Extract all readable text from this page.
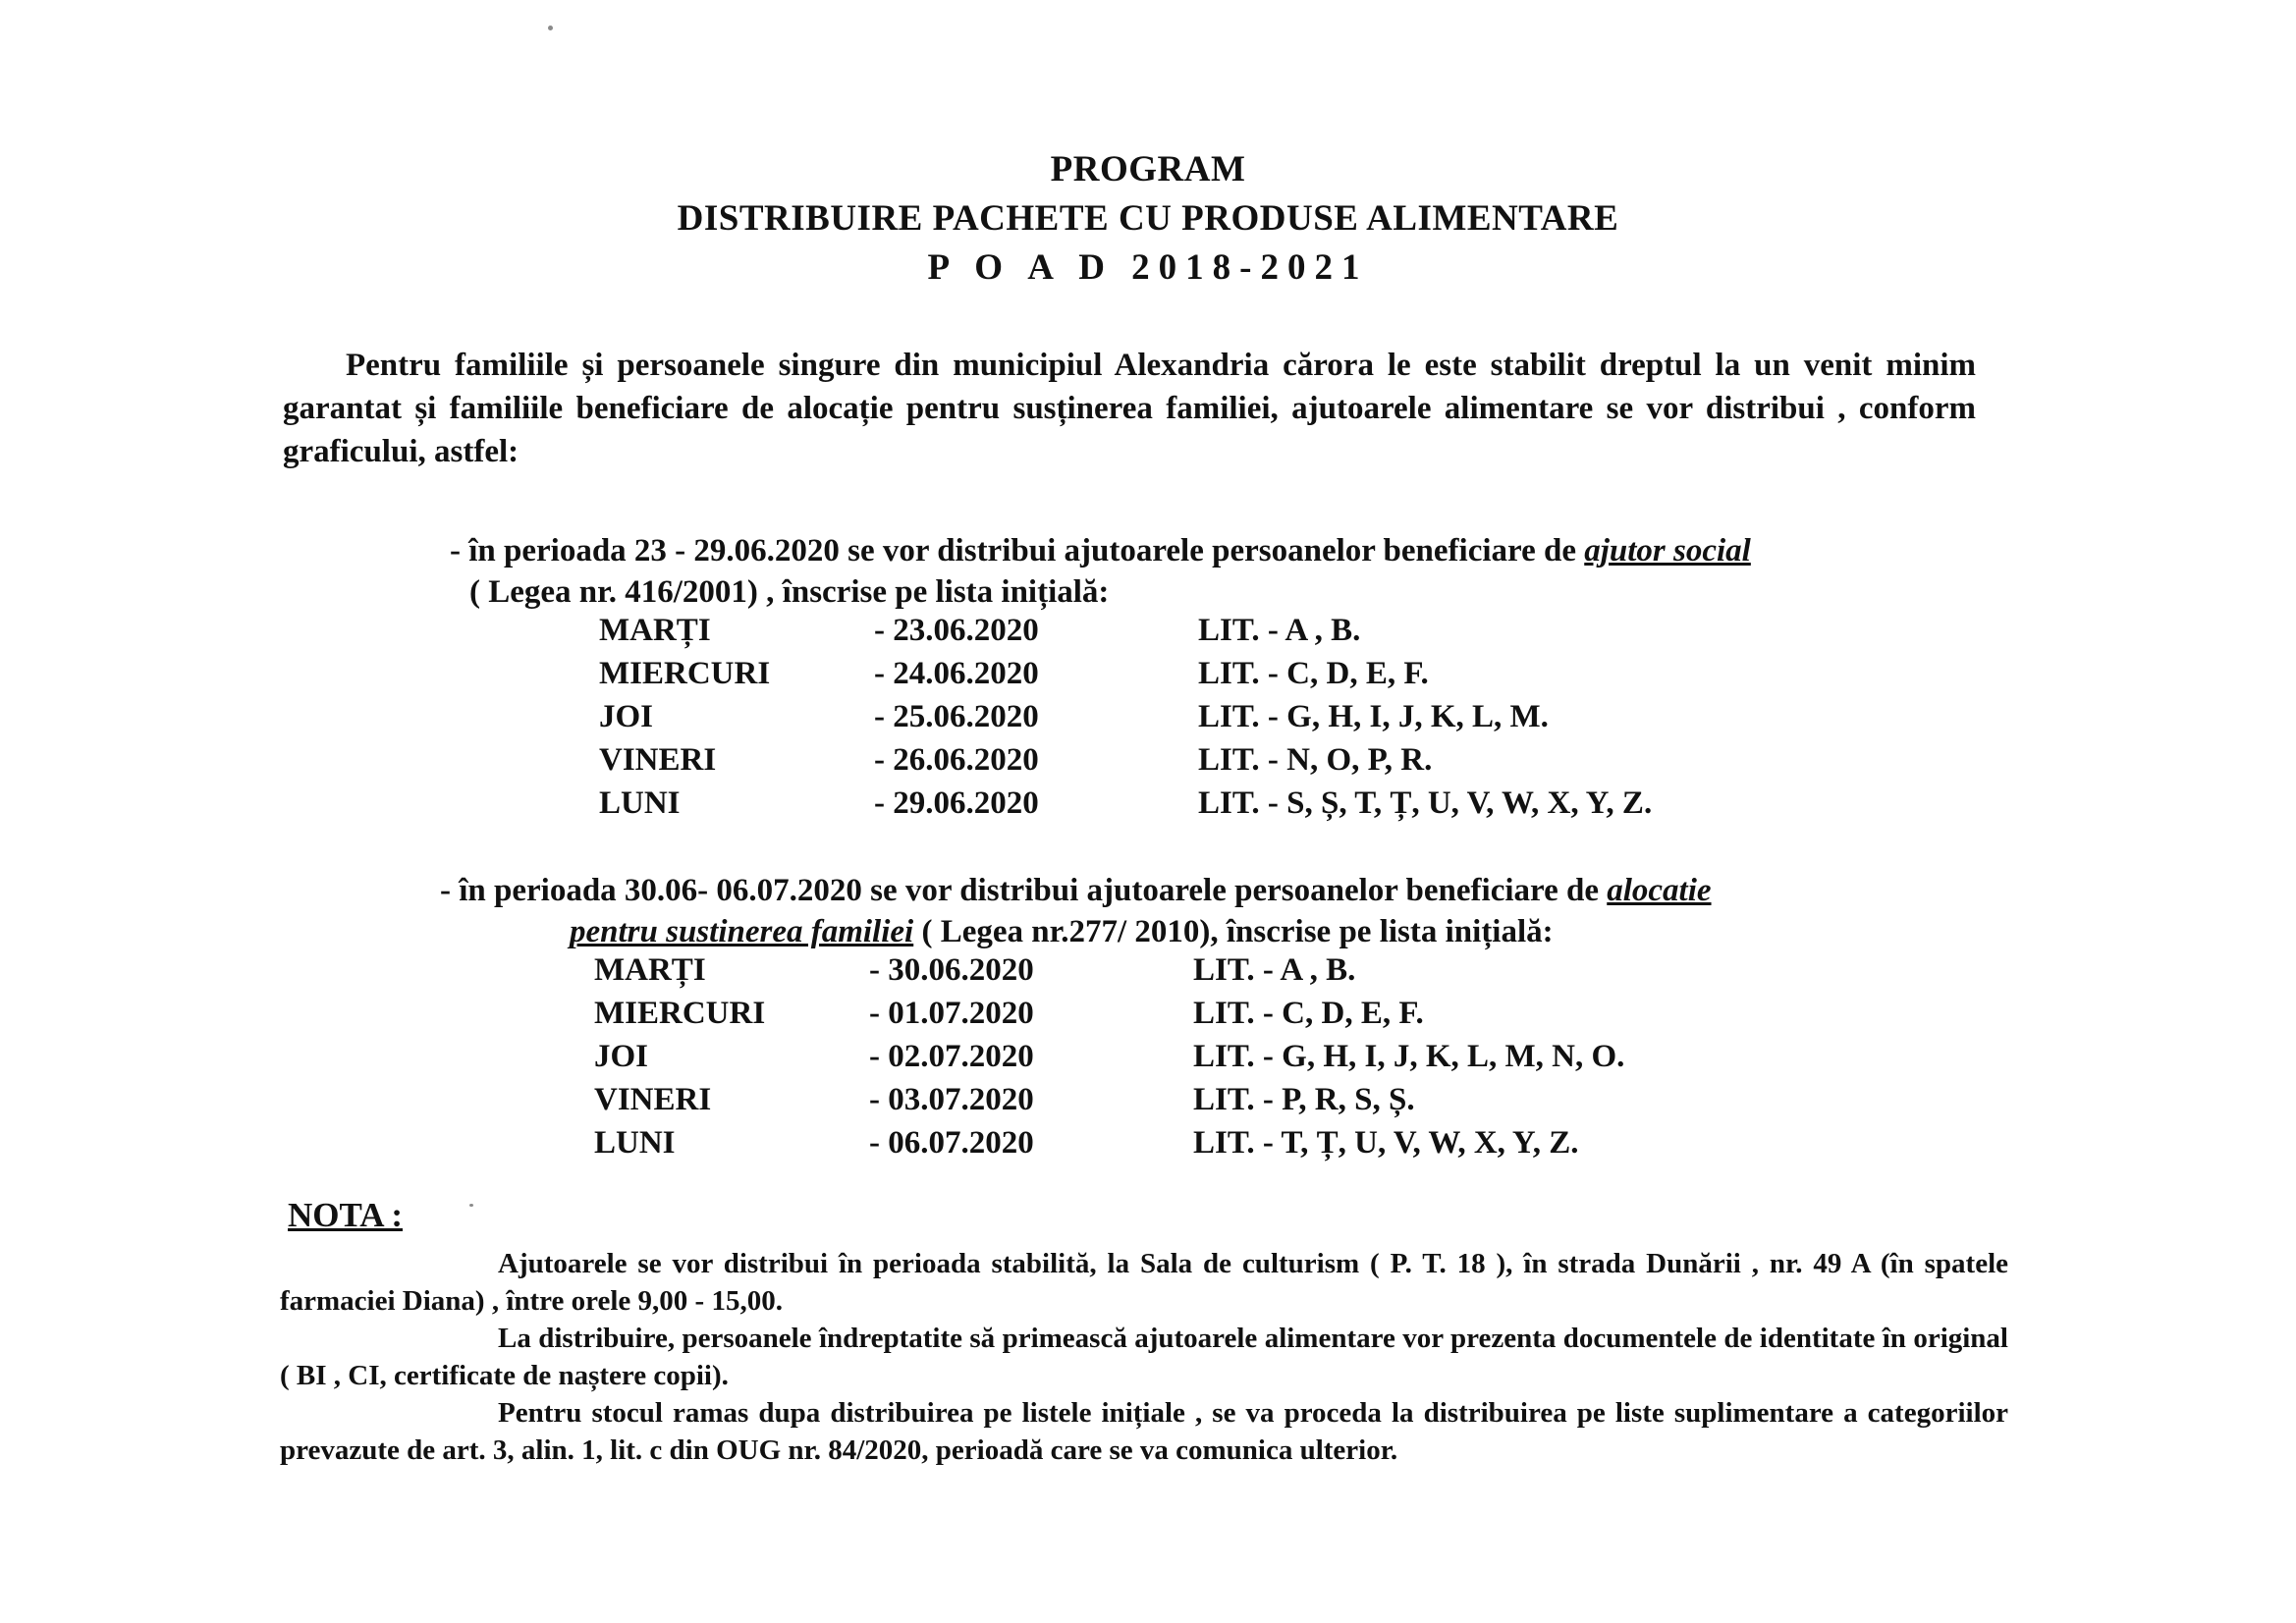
PROGRAM
DISTRIBUIRE PACHETE CU PRODUSE ALIMENTARE
P O A D 2018-2021
Pentru familiile și persoanele singure din municipiul Alexandria cărora le este stabilit dreptul la un venit minim garantat și familiile beneficiare de alocație pentru susținerea familiei, ajutoarele alimentare se vor distribui , conform graficului, astfel:
- în perioada 23 - 29.06.2020 se vor distribui ajutoarele persoanelor beneficiare de ajutor social
( Legea nr. 416/2001) , înscrise pe lista inițială:
MARȚI	- 23.06.2020	LIT. - A , B.
MIERCURI	- 24.06.2020	LIT. - C, D, E, F.
JOI	- 25.06.2020	LIT. - G, H, I, J, K, L, M.
VINERI	- 26.06.2020	LIT. - N, O, P, R.
LUNI	- 29.06.2020	LIT. - S, Ș, T, Ț, U, V, W, X, Y, Z.
- în perioada 30.06- 06.07.2020 se vor distribui ajutoarele persoanelor beneficiare de alocatie
pentru sustinerea familiei ( Legea nr.277/ 2010), înscrise pe lista inițială:
MARȚI	- 30.06.2020	LIT. - A , B.
MIERCURI	- 01.07.2020	LIT. - C, D, E, F.
JOI	- 02.07.2020	LIT. - G, H, I, J, K, L, M, N, O.
VINERI	- 03.07.2020	LIT. - P, R, S, Ș.
LUNI	- 06.07.2020	LIT. - T, Ț, U, V, W, X, Y, Z.
NOTA :

Ajutoarele se vor distribui în perioada stabilită, la Sala de culturism ( P. T. 18 ), în strada Dunării , nr. 49 A (în spatele farmaciei Diana) , între orele 9,00 - 15,00.

La distribuire, persoanele îndreptatite să primească ajutoarele alimentare vor prezenta documentele de identitate în original ( BI , CI, certificate de naștere copii).

Pentru stocul ramas dupa distribuirea pe listele inițiale , se va proceda la distribuirea pe liste suplimentare a categoriilor prevazute de art. 3, alin. 1, lit. c din OUG nr. 84/2020, perioadă care se va comunica ulterior.
